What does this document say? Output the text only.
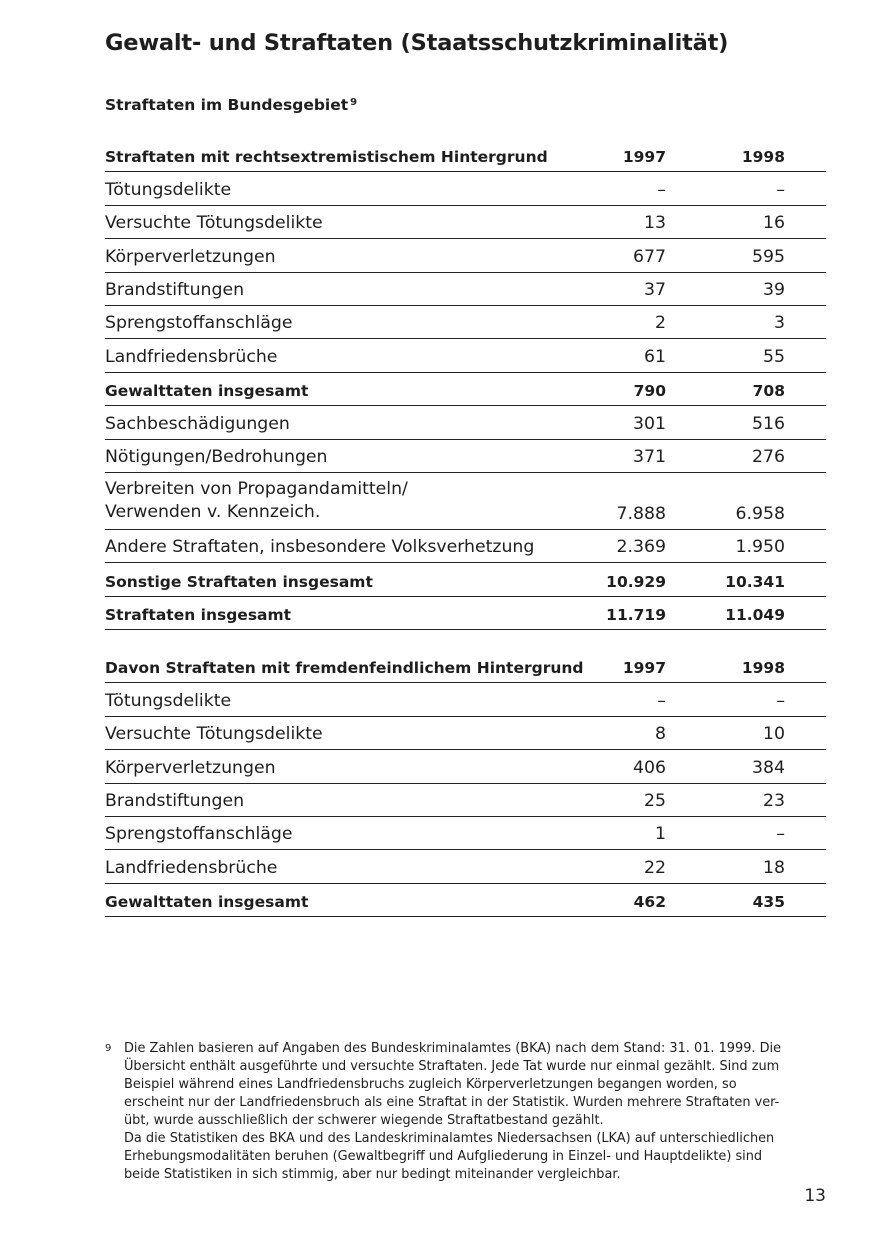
Gewalt- und Straftaten (Staatsschutzkriminalität)
Straftaten im Bundesgebiet $^9$
Straftaten mit rechtsextremistischem Hintergrund	1997	1998
Tötungsdelikte	–	–
Versuchte Tötungsdelikte	13	16
Körperverletzungen	677	595
Brandstiftungen	37	39
Sprengstoffanschläge	2	3
Landfriedensbrüche	61	55
Gewalttaten insgesamt	790	708
Sachbeschädigungen	301	516
Nötigungen/Bedrohungen	371	276
Verbreiten von Propagandamitteln/
Verwenden v. Kennzeich.	7.888	6.958
Andere Straftaten, insbesondere Volksverhetzung	2.369	1.950
Sonstige Straftaten insgesamt	10.929	10.341
Straftaten insgesamt	11.719	11.049
Davon Straftaten mit fremdenfeindlichem Hintergrund	1997	1998
Tötungsdelikte	–	–
Versuchte Tötungsdelikte	8	10
Körperverletzungen	406	384
Brandstiftungen	25	23
Sprengstoffanschläge	1	–
Landfriedensbrüche	22	18
Gewalttaten insgesamt	462	435
9 Die Zahlen basieren auf Angaben des Bundeskriminalamtes (BKA) nach dem Stand: 31. 01. 1999. Die
Übersicht enthält ausgeführte und versuchte Straftaten. Jede Tat wurde nur einmal gezählt. Sind zum
Beispiel während eines Landfriedensbruchs zugleich Körperverletzungen begangen worden, so
erscheint nur der Landfriedensbruch als eine Straftat in der Statistik. Wurden mehrere Straftaten ver-
übt, wurde ausschließlich der schwerer wiegende Straftatbestand gezählt.
Da die Statistiken des BKA und des Landeskriminalamtes Niedersachsen (LKA) auf unterschiedlichen
Erhebungsmodalitäten beruhen (Gewaltbegriff und Aufgliederung in Einzel- und Hauptdelikte) sind
beide Statistiken in sich stimmig, aber nur bedingt miteinander vergleichbar.
13
